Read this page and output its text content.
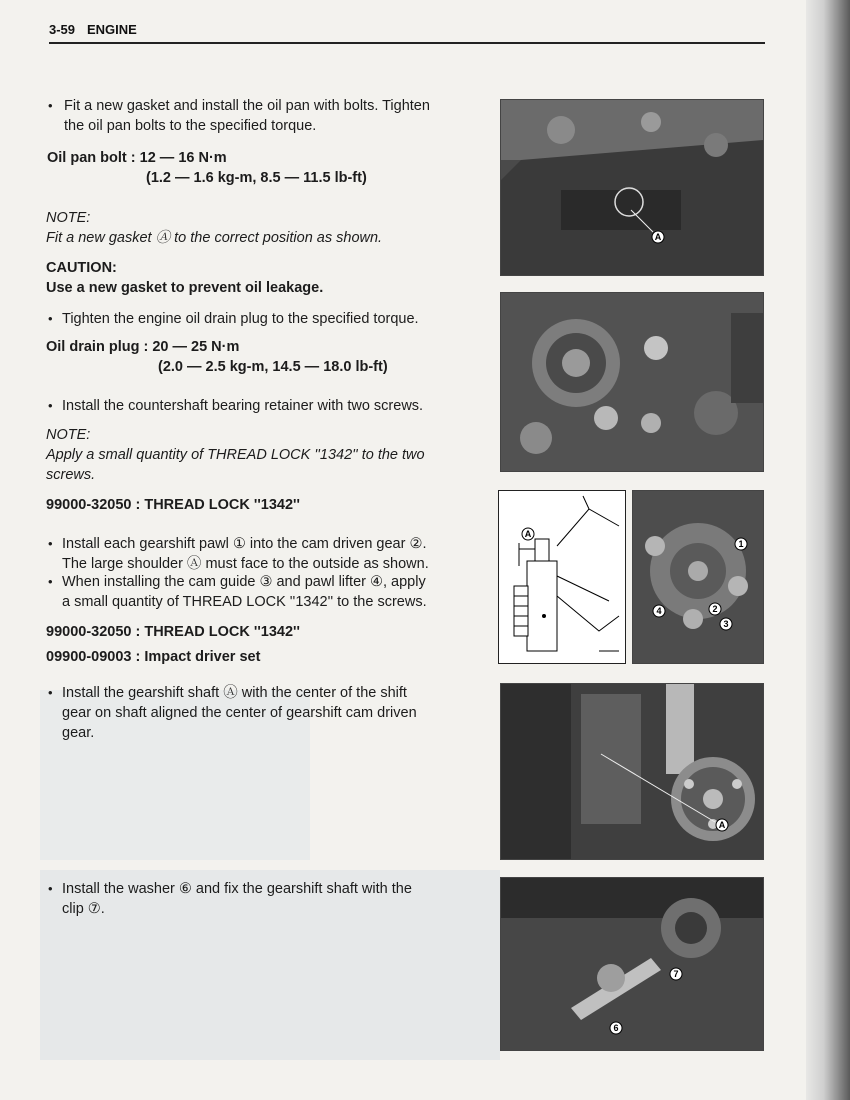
3-59 ENGINE
• Fit a new gasket and install the oil pan with bolts. Tighten
the oil pan bolts to the specified torque.
Oil pan bolt : 12 — 16 N·m
(1.2 — 1.6 kg-m, 8.5 — 11.5 lb-ft)
NOTE:
Fit a new gasket Ⓐ to the correct position as shown.
CAUTION:
Use a new gasket to prevent oil leakage.
• Tighten the engine oil drain plug to the specified torque.
Oil drain plug : 20 — 25 N·m
(2.0 — 2.5 kg-m, 14.5 — 18.0 lb-ft)
• Install the countershaft bearing retainer with two screws.
NOTE:
Apply a small quantity of THREAD LOCK ''1342'' to the two
screws.
99000-32050 : THREAD LOCK ''1342''
• Install each gearshift pawl ① into the cam driven gear ②.
The large shoulder Ⓐ must face to the outside as shown.
• When installing the cam guide ③ and pawl lifter ④, apply
a small quantity of THREAD LOCK ''1342'' to the screws.
99000-32050 : THREAD LOCK ''1342''
09900-09003 : Impact driver set
• Install the gearshift shaft Ⓐ with the center of the shift
gear on shaft aligned the center of gearshift cam driven
gear.
• Install the washer ⑥ and fix the gearshift shaft with the
clip ⑦.
A
A
1
2
3
4
A
7
6
